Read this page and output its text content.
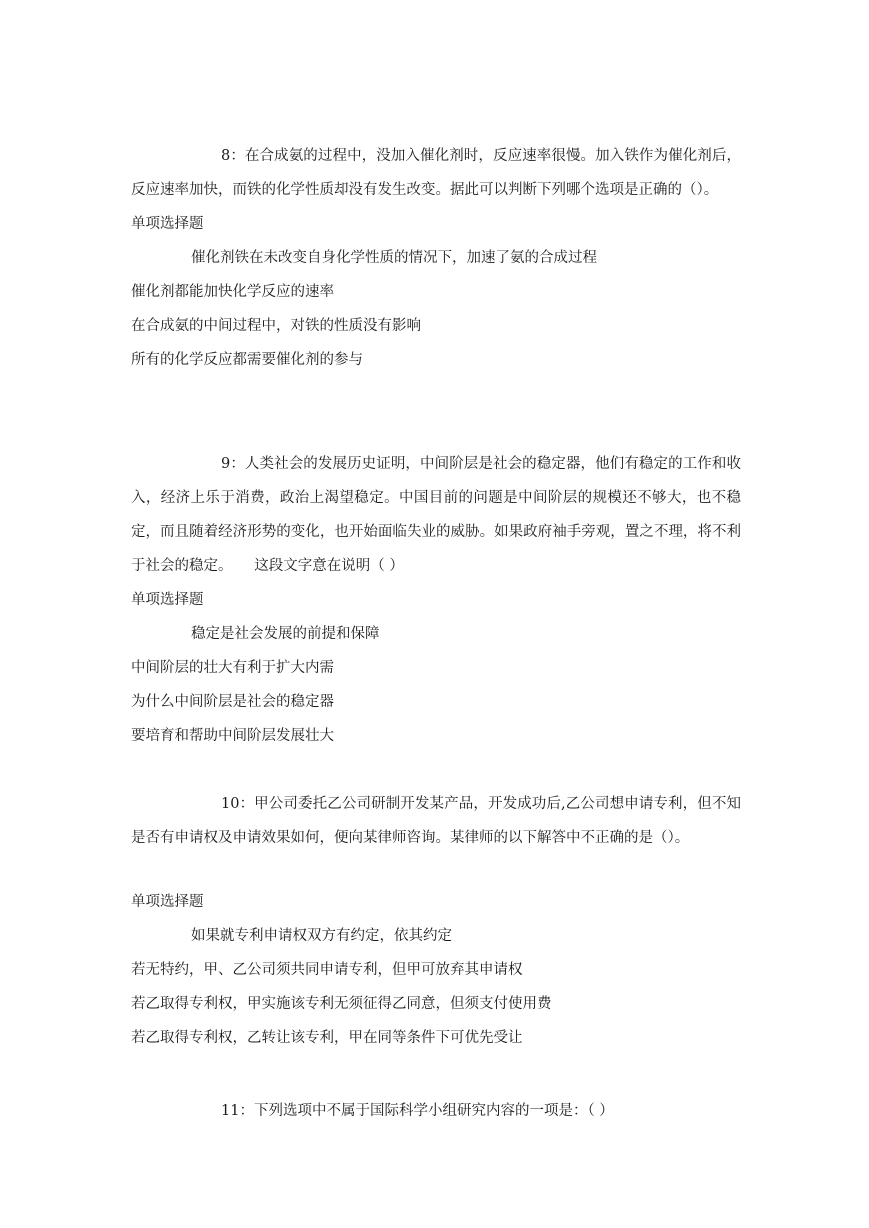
8：在合成氨的过程中，没加入催化剂时，反应速率很慢。加入铁作为催化剂后，反应速率加快，而铁的化学性质却没有发生改变。据此可以判断下列哪个选项是正确的（）。

单项选择题

催化剂铁在未改变自身化学性质的情况下，加速了氨的合成过程

催化剂都能加快化学反应的速率

在合成氨的中间过程中，对铁的性质没有影响

所有的化学反应都需要催化剂的参与

9：人类社会的发展历史证明，中间阶层是社会的稳定器，他们有稳定的工作和收入，经济上乐于消费，政治上渴望稳定。中国目前的问题是中间阶层的规模还不够大，也不稳定，而且随着经济形势的变化，也开始面临失业的威胁。如果政府袖手旁观，置之不理，将不利于社会的稳定。　　这段文字意在说明（ ）

单项选择题

稳定是社会发展的前提和保障

中间阶层的壮大有利于扩大内需

为什么中间阶层是社会的稳定器

要培育和帮助中间阶层发展壮大

10：甲公司委托乙公司研制开发某产品，开发成功后,乙公司想申请专利，但不知是否有申请权及申请效果如何，便向某律师咨询。某律师的以下解答中不正确的是（）。

单项选择题

如果就专利申请权双方有约定，依其约定

若无特约，甲、乙公司须共同申请专利，但甲可放弃其申请权

若乙取得专利权，甲实施该专利无须征得乙同意，但须支付使用费

若乙取得专利权，乙转让该专利，甲在同等条件下可优先受让

11：下列选项中不属于国际科学小组研究内容的一项是：（ ）
